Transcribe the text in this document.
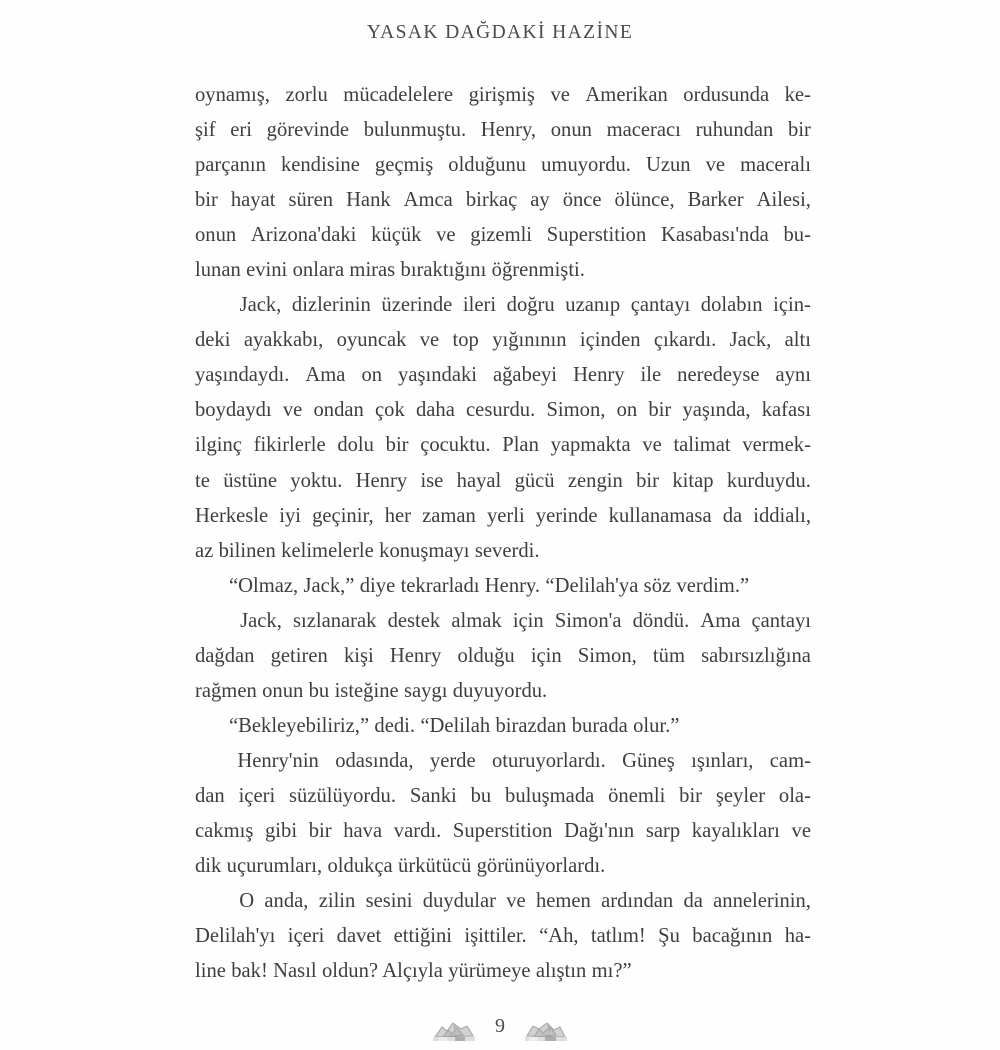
YASAK DAĞDAKİ HAZİNE
oynamış, zorlu mücadelelere girişmiş ve Amerikan ordusunda ke-
şif eri görevinde bulunmuştu. Henry, onun maceracı ruhundan bir
parçanın kendisine geçmiş olduğunu umuyordu. Uzun ve maceralı
bir hayat süren Hank Amca birkaç ay önce ölünce, Barker Ailesi,
onun Arizona'daki küçük ve gizemli Superstition Kasabası'nda bu-
lunan evini onlara miras bıraktığını öğrenmişti.
Jack, dizlerinin üzerinde ileri doğru uzanıp çantayı dolabın için-
deki ayakkabı, oyuncak ve top yığınının içinden çıkardı. Jack, altı
yaşındaydı. Ama on yaşındaki ağabeyi Henry ile neredeyse aynı
boydaydı ve ondan çok daha cesurdu. Simon, on bir yaşında, kafası
ilginç fikirlerle dolu bir çocuktu. Plan yapmakta ve talimat vermek-
te üstüne yoktu. Henry ise hayal gücü zengin bir kitap kurduydu.
Herkesle iyi geçinir, her zaman yerli yerinde kullanamasa da iddialı,
az bilinen kelimelerle konuşmayı severdi.
“Olmaz, Jack,” diye tekrarladı Henry. “Delilah'ya söz verdim.”
Jack, sızlanarak destek almak için Simon'a döndü. Ama çantayı
dağdan getiren kişi Henry olduğu için Simon, tüm sabırsızlığına
rağmen onun bu isteğine saygı duyuyordu.
“Bekleyebiliriz,” dedi. “Delilah birazdan burada olur.”
Henry'nin odasında, yerde oturuyorlardı. Güneş ışınları, cam-
dan içeri süzülüyordu. Sanki bu buluşmada önemli bir şeyler ola-
cakmış gibi bir hava vardı. Superstition Dağı'nın sarp kayalıkları ve
dik uçurumları, oldukça ürkütücü görünüyorlardı.
O anda, zilin sesini duydular ve hemen ardından da annelerinin,
Delilah'yı içeri davet ettiğini işittiler. “Ah, tatlım! Şu bacağının ha-
line bak! Nasıl oldun? Alçıyla yürümeye alıştın mı?”
9
